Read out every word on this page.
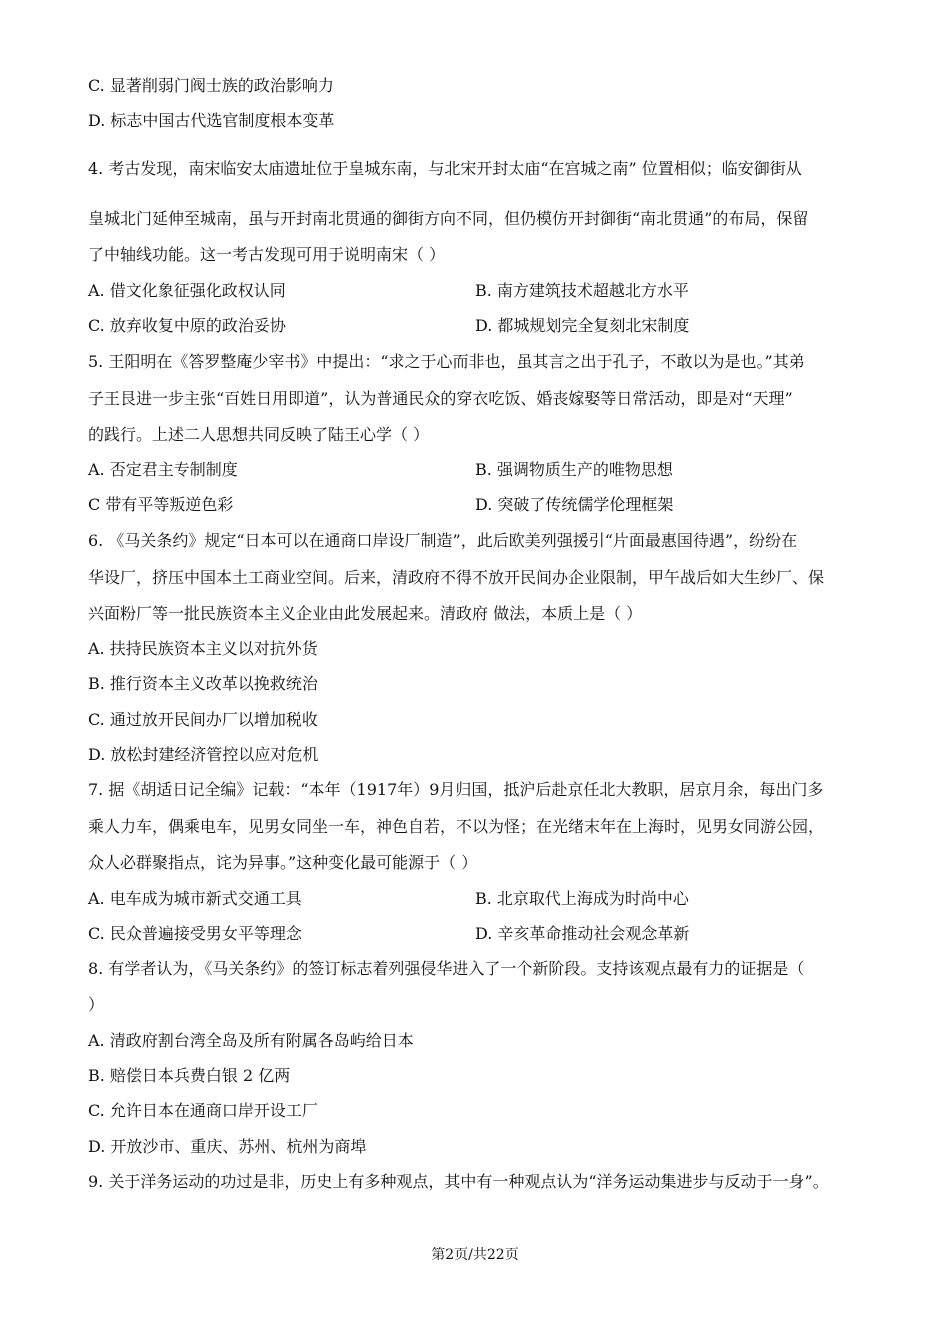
C. 显著削弱门阀士族的政治影响力
D. 标志中国古代选官制度根本变革
4. 考古发现，南宋临安太庙遗址位于皇城东南，与北宋开封太庙“在宫城之南” 位置相似；临安御街从
皇城北门延伸至城南，虽与开封南北贯通的御街方向不同，但仍模仿开封御街“南北贯通”的布局，保留
了中轴线功能。这一考古发现可用于说明南宋（ ）
A. 借文化象征强化政权认同	B. 南方建筑技术超越北方水平
C. 放弃收复中原的政治妥协	D. 都城规划完全复刻北宋制度
5. 王阳明在《答罗整庵少宰书》中提出：“求之于心而非也，虽其言之出于孔子，不敢以为是也。”其弟
子王艮进一步主张“百姓日用即道”，认为普通民众的穿衣吃饭、婚丧嫁娶等日常活动，即是对“天理”
的践行。上述二人思想共同反映了陆王心学（ ）
A. 否定君主专制制度	B. 强调物质生产的唯物思想
C 带有平等叛逆色彩	D. 突破了传统儒学伦理框架
6. 《马关条约》规定“日本可以在通商口岸设厂制造”，此后欧美列强援引“片面最惠国待遇”，纷纷在
华设厂，挤压中国本土工商业空间。后来，清政府不得不放开民间办企业限制，甲午战后如大生纱厂、保
兴面粉厂等一批民族资本主义企业由此发展起来。清政府 做法，本质上是（ ）
A. 扶持民族资本主义以对抗外货
B. 推行资本主义改革以挽救统治
C. 通过放开民间办厂以增加税收
D. 放松封建经济管控以应对危机
7. 据《胡适日记全编》记载：“本年（1917年）9月归国，抵沪后赴京任北大教职，居京月余，每出门多
乘人力车，偶乘电车，见男女同坐一车，神色自若，不以为怪；在光绪末年在上海时，见男女同游公园，
众人必群聚指点，诧为异事。”这种变化最可能源于（ ）
A. 电车成为城市新式交通工具	B. 北京取代上海成为时尚中心
C. 民众普遍接受男女平等理念	D. 辛亥革命推动社会观念革新
8. 有学者认为，《马关条约》的签订标志着列强侵华进入了一个新阶段。支持该观点最有力的证据是（
）
A. 清政府割台湾全岛及所有附属各岛屿给日本
B. 赔偿日本兵费白银 2 亿两
C. 允许日本在通商口岸开设工厂
D. 开放沙市、重庆、苏州、杭州为商埠
9. 关于洋务运动的功过是非，历史上有多种观点，其中有一种观点认为“洋务运动集进步与反动于一身”。
第2页/共22页
